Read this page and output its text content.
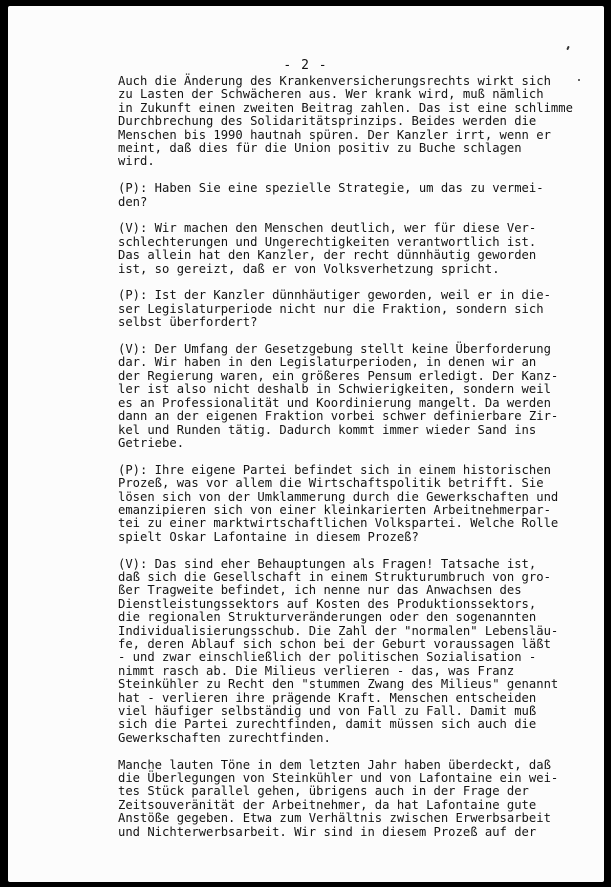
- 2 -
Auch die Änderung des Krankenversicherungsrechts wirkt sich
zu Lasten der Schwächeren aus. Wer krank wird, muß nämlich
in Zukunft einen zweiten Beitrag zahlen. Das ist eine schlimme
Durchbrechung des Solidaritätsprinzips. Beides werden die
Menschen bis 1990 hautnah spüren. Der Kanzler irrt, wenn er
meint, daß dies für die Union positiv zu Buche schlagen
wird.
(P): Haben Sie eine spezielle Strategie, um das zu vermei-
den?
(V): Wir machen den Menschen deutlich, wer für diese Ver-
schlechterungen und Ungerechtigkeiten verantwortlich ist.
Das allein hat den Kanzler, der recht dünnhäutig geworden
ist, so gereizt, daß er von Volksverhetzung spricht.
(P): Ist der Kanzler dünnhäutiger geworden, weil er in die-
ser Legislaturperiode nicht nur die Fraktion, sondern sich
selbst überfordert?
(V): Der Umfang der Gesetzgebung stellt keine Überforderung
dar. Wir haben in den Legislaturperioden, in denen wir an
der Regierung waren, ein größeres Pensum erledigt. Der Kanz-
ler ist also nicht deshalb in Schwierigkeiten, sondern weil
es an Professionalität und Koordinierung mangelt. Da werden
dann an der eigenen Fraktion vorbei schwer definierbare Zir-
kel und Runden tätig. Dadurch kommt immer wieder Sand ins
Getriebe.
(P): Ihre eigene Partei befindet sich in einem historischen
Prozeß, was vor allem die Wirtschaftspolitik betrifft. Sie
lösen sich von der Umklammerung durch die Gewerkschaften und
emanzipieren sich von einer kleinkarierten Arbeitnehmerpar-
tei zu einer marktwirtschaftlichen Volkspartei. Welche Rolle
spielt Oskar Lafontaine in diesem Prozeß?
(V): Das sind eher Behauptungen als Fragen! Tatsache ist,
daß sich die Gesellschaft in einem Strukturumbruch von gro-
ßer Tragweite befindet, ich nenne nur das Anwachsen des
Dienstleistungssektors auf Kosten des Produktionssektors,
die regionalen Strukturveränderungen oder den sogenannten
Individualisierungsschub. Die Zahl der "normalen" Lebensläu-
fe, deren Ablauf sich schon bei der Geburt voraussagen läßt
- und zwar einschließlich der politischen Sozialisation -
nimmt rasch ab. Die Milieus verlieren - das, was Franz
Steinkühler zu Recht den "stummen Zwang des Milieus" genannt
hat - verlieren ihre prägende Kraft. Menschen entscheiden
viel häufiger selbständig und von Fall zu Fall. Damit muß
sich die Partei zurechtfinden, damit müssen sich auch die
Gewerkschaften zurechtfinden.
Manche lauten Töne in dem letzten Jahr haben überdeckt, daß
die Überlegungen von Steinkühler und von Lafontaine ein wei-
tes Stück parallel gehen, übrigens auch in der Frage der
Zeitsouveränität der Arbeitnehmer, da hat Lafontaine gute
Anstöße gegeben. Etwa zum Verhältnis zwischen Erwerbsarbeit
und Nichterwerbsarbeit. Wir sind in diesem Prozeß auf der
